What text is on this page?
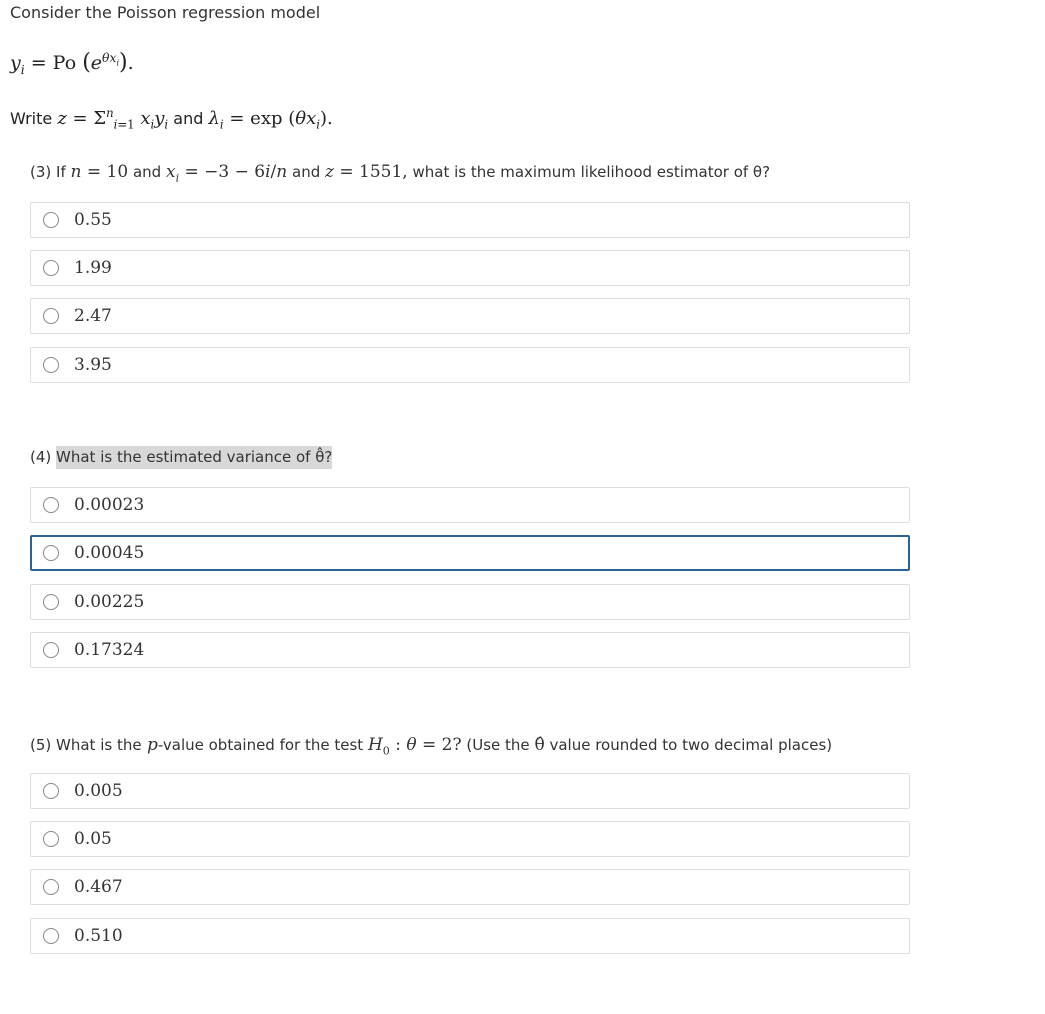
Consider the Poisson regression model
$y_i = Po$ $(e^{\theta x_i})$.
Write $z = \Sigma^n_{i=1}$ $x_iy_i$ and $\lambda_i = \exp (\theta x_i)$.
(3) If n = 10 and $x_i = -3 - 6i/n$ and z = 1551, what is the maximum likelihood estimator of θ?
0.55
1.99
2.47
3.95
(4) What is the estimated variance of θ̂?
0.00023
0.00045
0.00225
0.17324
(5) What is the p-value obtained for the test $H_0$ : θ = 2? (Use the θ̂ value rounded to two decimal places)
0.005
0.05
0.467
0.510
